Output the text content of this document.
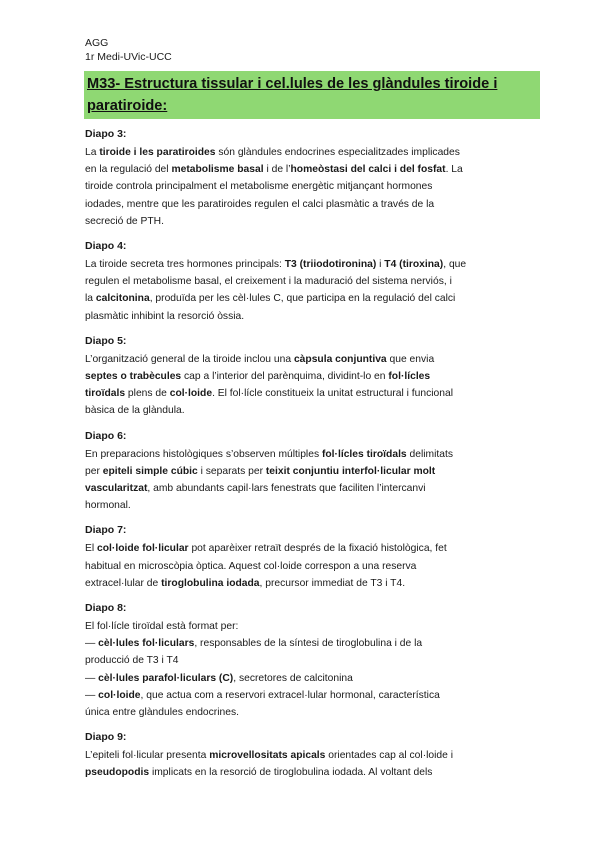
AGG
1r Medi-UVic-UCC
M33- Estructura tissular i cel.lules de les glàndules tiroide i paratiroide:
Diapo 3:
La tiroide i les paratiroides són glàndules endocrines especialitzades implicades
en la regulació del metabolisme basal i de l’homeòstasi del calci i del fosfat. La
tiroide controla principalment el metabolisme energètic mitjançant hormones
iodades, mentre que les paratiroides regulen el calci plasmàtic a través de la
secreció de PTH.
Diapo 4:
La tiroide secreta tres hormones principals: T3 (triiodotironina) i T4 (tiroxina), que
regulen el metabolisme basal, el creixement i la maduració del sistema nerviós, i
la calcitonina, produïda per les cèl·lules C, que participa en la regulació del calci
plasmàtic inhibint la resorció òssia.
Diapo 5:
L’organització general de la tiroide inclou una càpsula conjuntiva que envia
septes o trabècules cap a l’interior del parènquima, dividint-lo en fol·lícles
tiroïdals plens de col·loide. El fol·lícle constitueix la unitat estructural i funcional
bàsica de la glàndula.
Diapo 6:
En preparacions histològiques s’observen múltiples fol·lícles tiroïdals delimitats
per epiteli simple cúbic i separats per teixit conjuntiu interfol·licular molt
vascularitzat, amb abundants capil·lars fenestrats que faciliten l’intercanvi
hormonal.
Diapo 7:
El col·loide fol·licular pot aparèixer retraït després de la fixació histològica, fet
habitual en microscòpia òptica. Aquest col·loide correspon a una reserva
extracel·lular de tiroglobulina iodada, precursor immediat de T3 i T4.
Diapo 8:
El fol·lícle tiroïdal està format per:
— cèl·lules fol·liculars, responsables de la síntesi de tiroglobulina i de la
producció de T3 i T4
— cèl·lules parafol·liculars (C), secretores de calcitonina
— col·loide, que actua com a reservori extracel·lular hormonal, característica
única entre glàndules endocrines.
Diapo 9:
L’epiteli fol·licular presenta microvellositats apicals orientades cap al col·loide i
pseudopodis implicats en la resorció de tiroglobulina iodada. Al voltant dels
